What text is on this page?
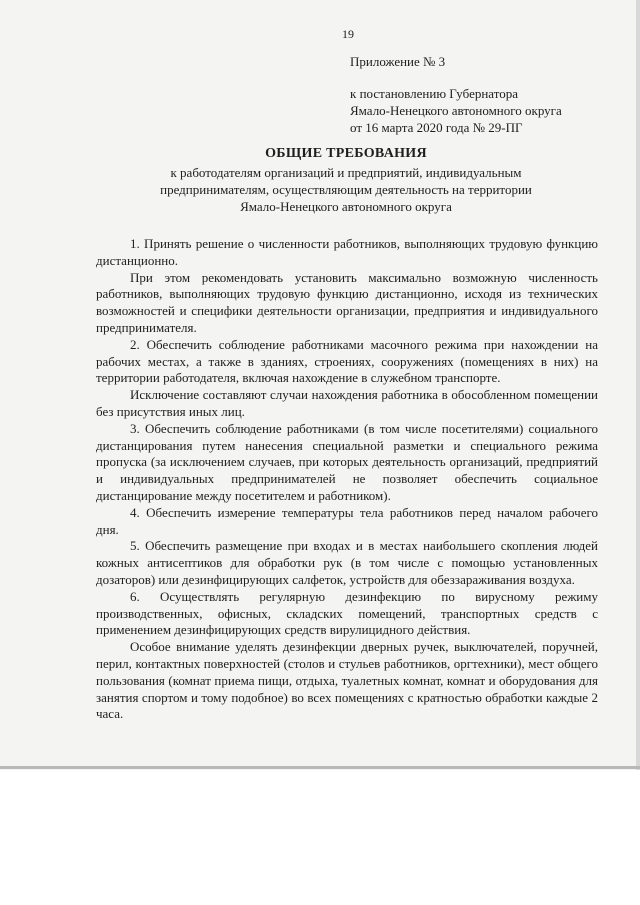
19

Приложение № 3

к постановлению Губернатора

Ямало-Ненецкого автономного округа

от 16 марта 2020 года № 29-ПГ

ОБЩИЕ ТРЕБОВАНИЯ

к работодателям организаций и предприятий, индивидуальным

предпринимателям, осуществляющим деятельность на территории

Ямало-Ненецкого автономного округа

1. Принять решение о численности работников, выполняющих трудовую функцию дистанционно.

При этом рекомендовать установить максимально возможную численность работников, выполняющих трудовую функцию дистанционно, исходя из технических возможностей и специфики деятельности организации, предприятия и индивидуального предпринимателя.

2. Обеспечить соблюдение работниками масочного режима при нахождении на рабочих местах, а также в зданиях, строениях, сооружениях (помещениях в них) на территории работодателя, включая нахождение в служебном транспорте.

Исключение составляют случаи нахождения работника в обособленном помещении без присутствия иных лиц.

3. Обеспечить соблюдение работниками (в том числе посетителями) социального дистанцирования путем нанесения специальной разметки и специального режима пропуска (за исключением случаев, при которых деятельность организаций, предприятий и индивидуальных предпринимателей не позволяет обеспечить социальное дистанцирование между посетителем и работником).

4. Обеспечить измерение температуры тела работников перед началом рабочего дня.

5. Обеспечить размещение при входах и в местах наибольшего скопления людей кожных антисептиков для обработки рук (в том числе с помощью установленных дозаторов) или дезинфицирующих салфеток, устройств для обеззараживания воздуха.

6. Осуществлять регулярную дезинфекцию по вирусному режиму производственных, офисных, складских помещений, транспортных средств с применением дезинфицирующих средств вирулицидного действия.

Особое внимание уделять дезинфекции дверных ручек, выключателей, поручней, перил, контактных поверхностей (столов и стульев работников, оргтехники), мест общего пользования (комнат приема пищи, отдыха, туалетных комнат, комнат и оборудования для занятия спортом и тому подобное) во всех помещениях с кратностью обработки каждые 2 часа.
